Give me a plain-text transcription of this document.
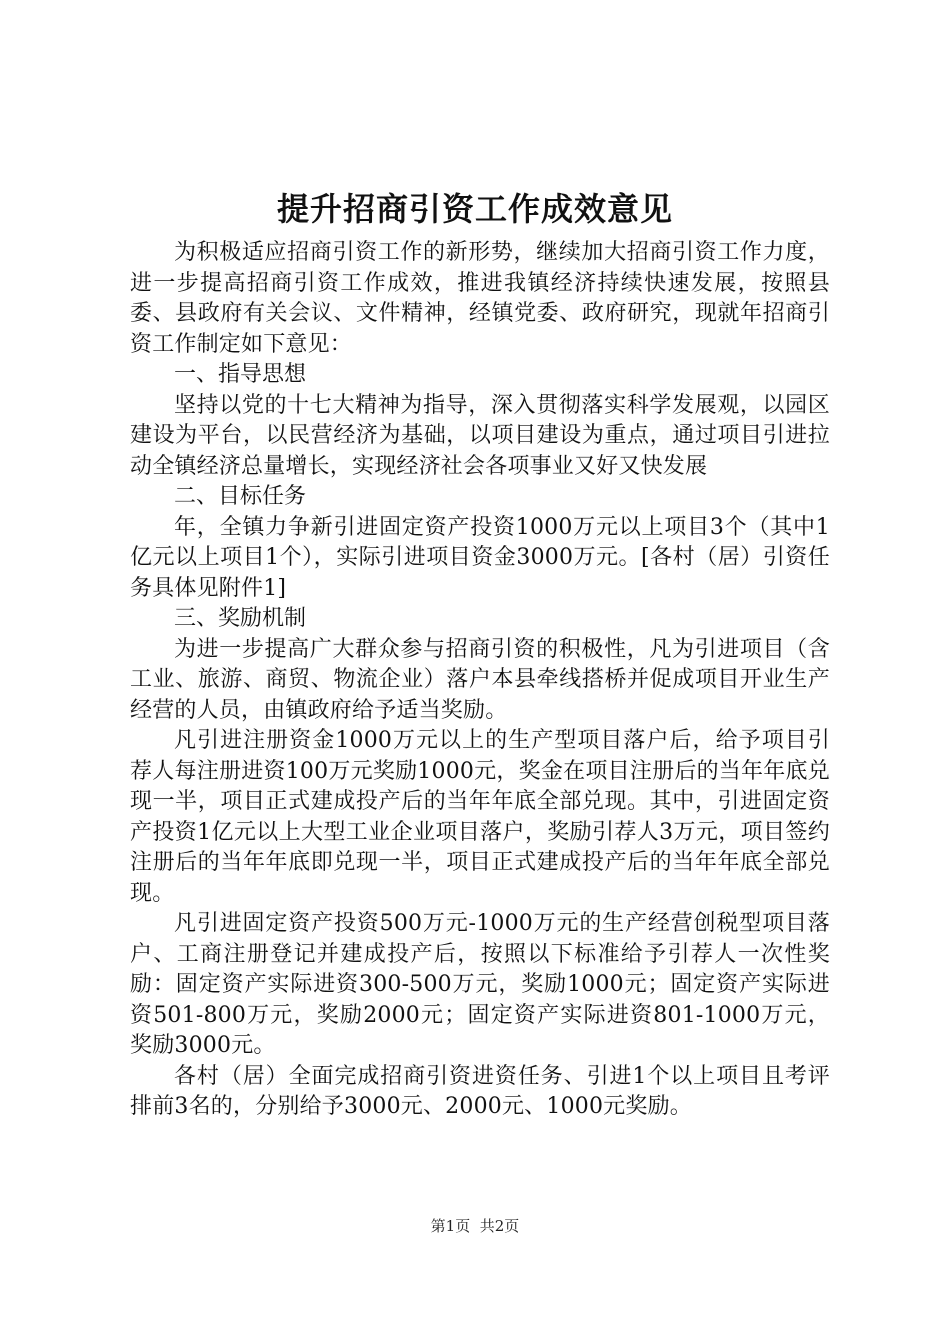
提升招商引资工作成效意见

为积极适应招商引资工作的新形势，继续加大招商引资工作力度，进一步提高招商引资工作成效，推进我镇经济持续快速发展，按照县委、县政府有关会议、文件精神，经镇党委、政府研究，现就年招商引资工作制定如下意见：

一、指导思想

坚持以党的十七大精神为指导，深入贯彻落实科学发展观，以园区建设为平台，以民营经济为基础，以项目建设为重点，通过项目引进拉动全镇经济总量增长，实现经济社会各项事业又好又快发展

二、目标任务

年，全镇力争新引进固定资产投资1000万元以上项目3个（其中1亿元以上项目1个），实际引进项目资金3000万元。[各村（居）引资任务具体见附件1]

三、奖励机制

为进一步提高广大群众参与招商引资的积极性，凡为引进项目（含工业、旅游、商贸、物流企业）落户本县牵线搭桥并促成项目开业生产经营的人员，由镇政府给予适当奖励。

凡引进注册资金1000万元以上的生产型项目落户后，给予项目引荐人每注册进资100万元奖励1000元，奖金在项目注册后的当年年底兑现一半，项目正式建成投产后的当年年底全部兑现。其中，引进固定资产投资1亿元以上大型工业企业项目落户，奖励引荐人3万元，项目签约注册后的当年年底即兑现一半，项目正式建成投产后的当年年底全部兑现。

凡引进固定资产投资500万元-1000万元的生产经营创税型项目落户、工商注册登记并建成投产后，按照以下标准给予引荐人一次性奖励：固定资产实际进资300-500万元，奖励1000元；固定资产实际进资501-800万元，奖励2000元；固定资产实际进资801-1000万元，奖励3000元。

各村（居）全面完成招商引资进资任务、引进1个以上项目且考评排前3名的，分别给予3000元、2000元、1000元奖励。

第1页 共2页
